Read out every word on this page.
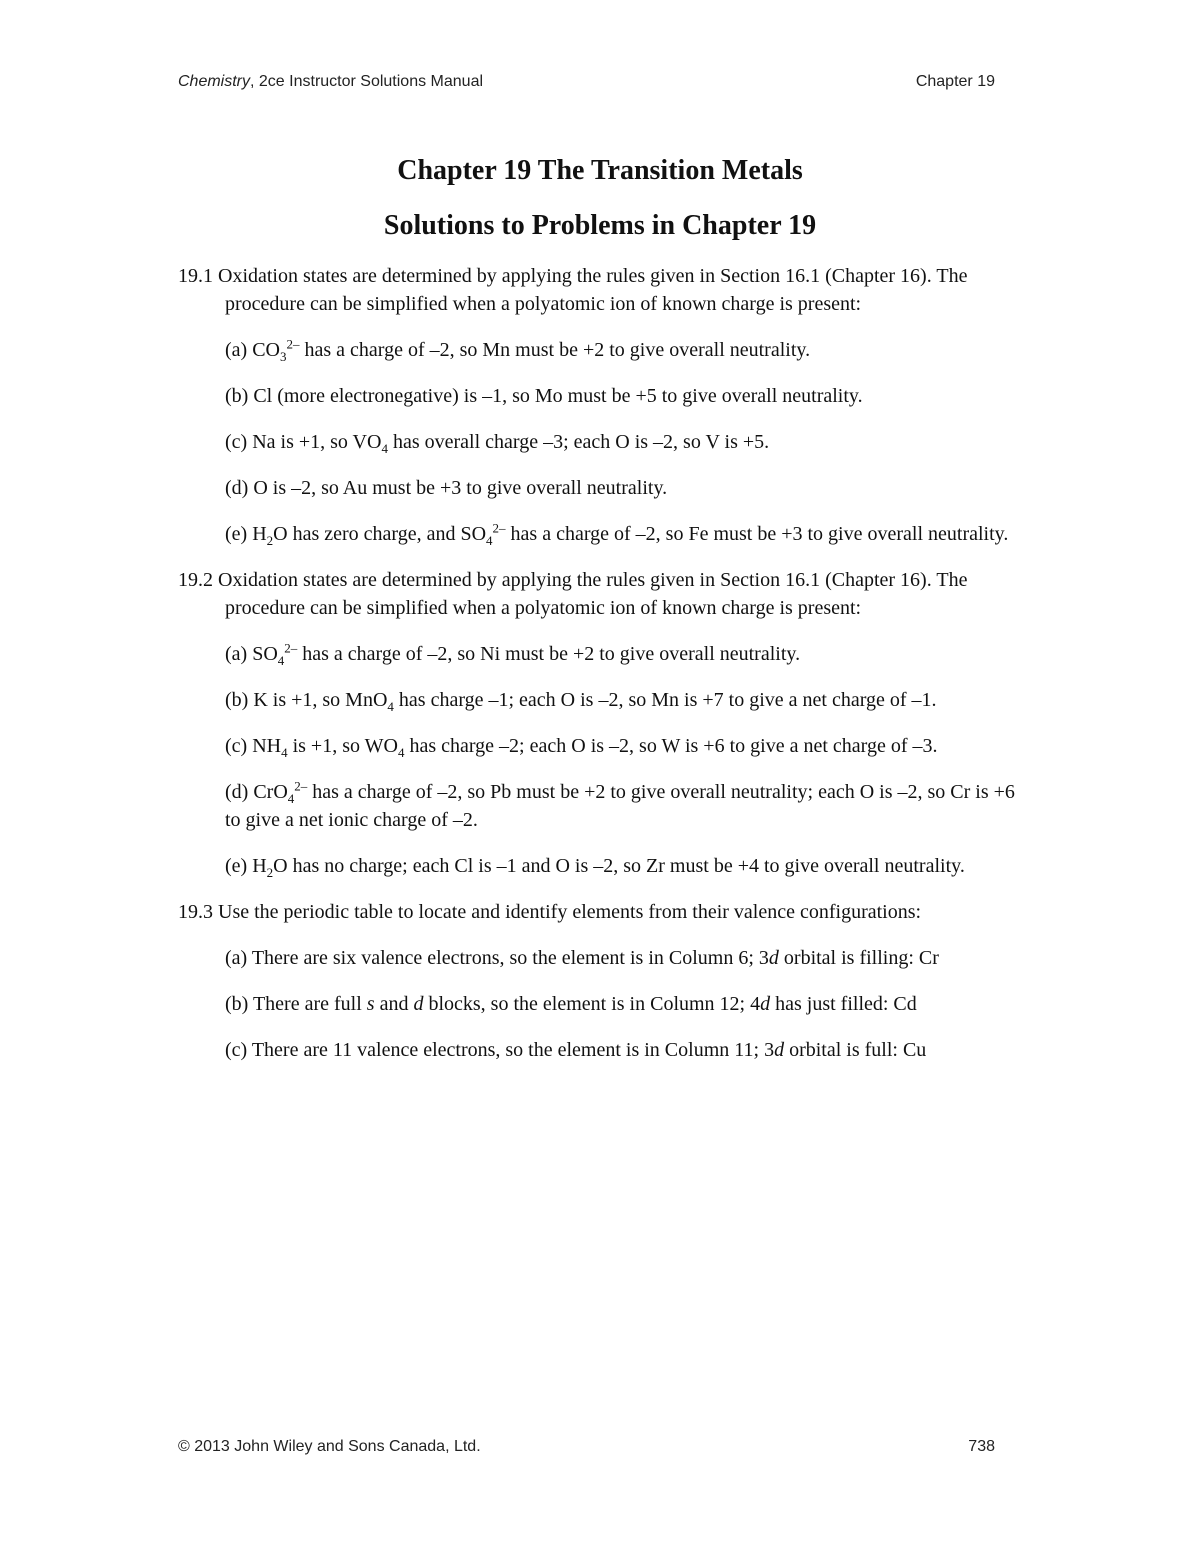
Chemistry, 2ce Instructor Solutions Manual	Chapter 19
Chapter 19 The Transition Metals
Solutions to Problems in Chapter 19

19.1 Oxidation states are determined by applying the rules given in Section 16.1 (Chapter 16). The procedure can be simplified when a polyatomic ion of known charge is present:

(a) $CO_3^{2-}$ has a charge of –2, so Mn must be +2 to give overall neutrality.

(b) Cl (more electronegative) is –1, so Mo must be +5 to give overall neutrality.

(c) Na is +1, so $VO_4$ has overall charge –3; each O is –2, so V is +5.

(d) O is –2, so Au must be +3 to give overall neutrality.

(e) $H_2O$ has zero charge, and $SO_4^{2-}$ has a charge of –2, so Fe must be +3 to give overall neutrality.

19.2 Oxidation states are determined by applying the rules given in Section 16.1 (Chapter 16). The procedure can be simplified when a polyatomic ion of known charge is present:

(a) $SO_4^{2-}$ has a charge of –2, so Ni must be +2 to give overall neutrality.

(b) K is +1, so MnO$_4$ has charge –1; each O is –2, so Mn is +7 to give a net charge of –1.

(c) $NH_4$ is +1, so $WO_4$ has charge –2; each O is –2, so W is +6 to give a net charge of –3.

(d) CrO$_4^{2-}$ has a charge of –2, so Pb must be +2 to give overall neutrality; each O is –2, so Cr is +6 to give a net ionic charge of –2.

(e) $H_2O$ has no charge; each Cl is –1 and O is –2, so Zr must be +4 to give overall neutrality.

19.3 Use the periodic table to locate and identify elements from their valence configurations:

(a) There are six valence electrons, so the element is in Column 6; 3d orbital is filling: Cr

(b) There are full s and d blocks, so the element is in Column 12; 4d has just filled: Cd

(c) There are 11 valence electrons, so the element is in Column 11; 3d orbital is full: Cu

© 2013 John Wiley and Sons Canada, Ltd.	738
